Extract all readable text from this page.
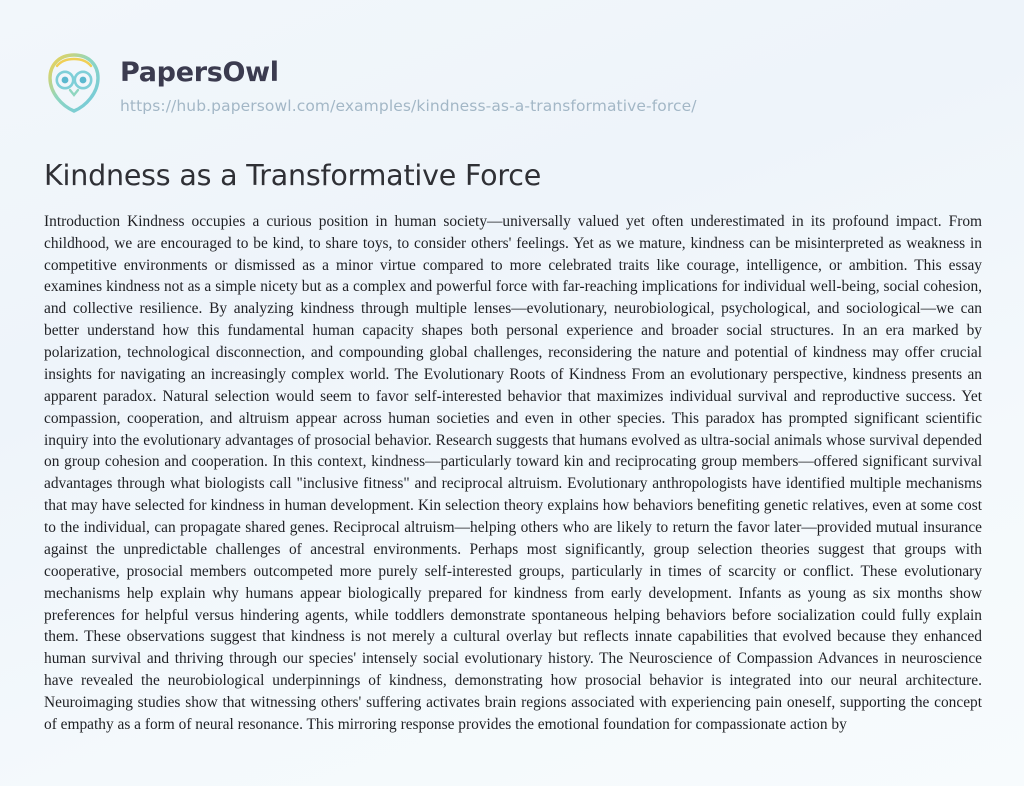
PapersOwl
https://hub.papersowl.com/examples/kindness-as-a-transformative-force/
Kindness as a Transformative Force
Introduction Kindness occupies a curious position in human society—universally valued yet often underestimated in its profound impact. From childhood, we are encouraged to be kind, to share toys, to consider others' feelings. Yet as we mature, kindness can be misinterpreted as weakness in competitive environments or dismissed as a minor virtue compared to more celebrated traits like courage, intelligence, or ambition. This essay examines kindness not as a simple nicety but as a complex and powerful force with far-reaching implications for individual well-being, social cohesion, and collective resilience. By analyzing kindness through multiple lenses—evolutionary, neurobiological, psychological, and sociological—we can better understand how this fundamental human capacity shapes both personal experience and broader social structures. In an era marked by polarization, technological disconnection, and compounding global challenges, reconsidering the nature and potential of kindness may offer crucial insights for navigating an increasingly complex world. The Evolutionary Roots of Kindness From an evolutionary perspective, kindness presents an apparent paradox. Natural selection would seem to favor self-interested behavior that maximizes individual survival and reproductive success. Yet compassion, cooperation, and altruism appear across human societies and even in other species. This paradox has prompted significant scientific inquiry into the evolutionary advantages of prosocial behavior. Research suggests that humans evolved as ultra-social animals whose survival depended on group cohesion and cooperation. In this context, kindness—particularly toward kin and reciprocating group members—offered significant survival advantages through what biologists call "inclusive fitness" and reciprocal altruism. Evolutionary anthropologists have identified multiple mechanisms that may have selected for kindness in human development. Kin selection theory explains how behaviors benefiting genetic relatives, even at some cost to the individual, can propagate shared genes. Reciprocal altruism—helping others who are likely to return the favor later—provided mutual insurance against the unpredictable challenges of ancestral environments. Perhaps most significantly, group selection theories suggest that groups with cooperative, prosocial members outcompeted more purely self-interested groups, particularly in times of scarcity or conflict. These evolutionary mechanisms help explain why humans appear biologically prepared for kindness from early development. Infants as young as six months show preferences for helpful versus hindering agents, while toddlers demonstrate spontaneous helping behaviors before socialization could fully explain them. These observations suggest that kindness is not merely a cultural overlay but reflects innate capabilities that evolved because they enhanced human survival and thriving through our species' intensely social evolutionary history. The Neuroscience of Compassion Advances in neuroscience have revealed the neurobiological underpinnings of kindness, demonstrating how prosocial behavior is integrated into our neural architecture. Neuroimaging studies show that witnessing others' suffering activates brain regions associated with experiencing pain oneself, supporting the concept of empathy as a form of neural resonance. This mirroring response provides the emotional foundation for compassionate action by
